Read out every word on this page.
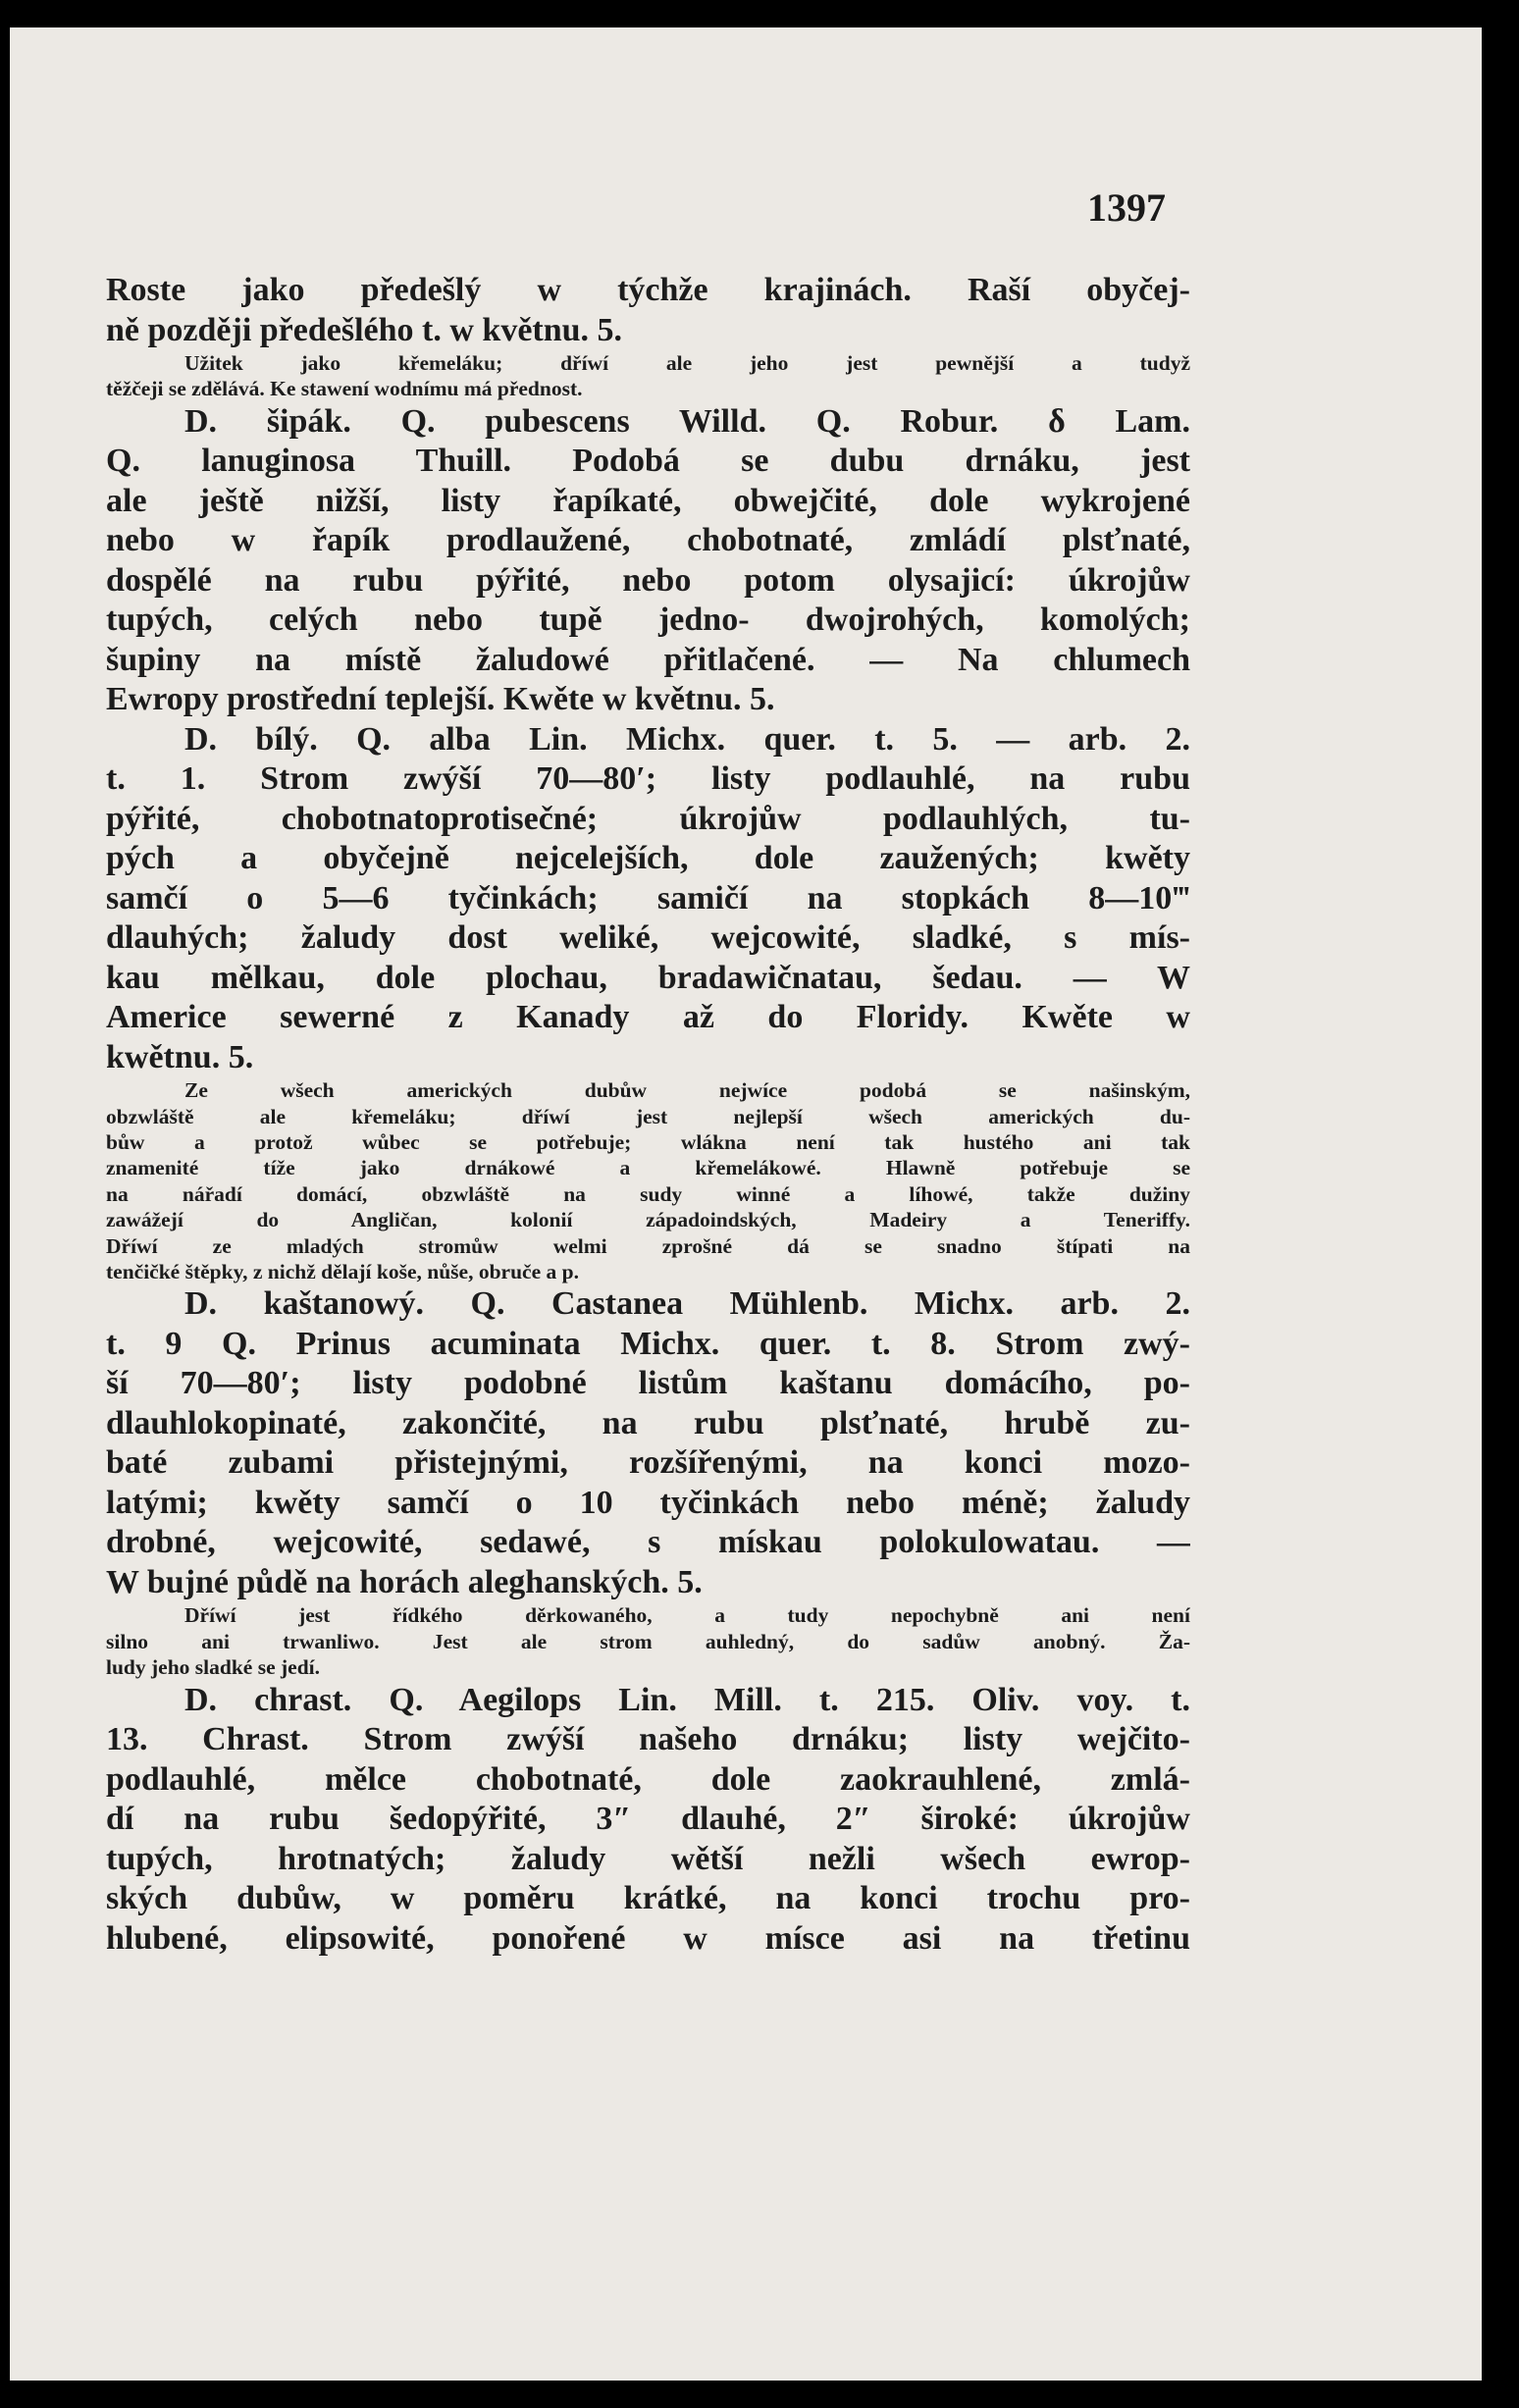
1397
Roste jako předešlý w týchže krajinách. Raší obyčej-
ně později předešlého t. w květnu. 5.
Užitek jako křemeláku; dříwí ale jeho jest pewnější a tudyž
těžčeji se zdělává. Ke stawení wodnímu má přednost.
D. šipák. Q. pubescens Willd. Q. Robur. δ Lam.
Q. lanuginosa Thuill. Podobá se dubu drnáku, jest
ale ještě nižší, listy řapíkaté, obwejčité, dole wykrojené
nebo w řapík prodlaužené, chobotnaté, zmládí plsťnaté,
dospělé na rubu pýřité, nebo potom olysajicí: úkrojůw
tupých, celých nebo tupě jedno- dwojrohých, komolých;
šupiny na místě žaludowé přitlačené. — Na chlumech
Ewropy prostřední teplejší. Kwěte w květnu. 5.
D. bílý. Q. alba Lin. Michx. quer. t. 5. — arb. 2.
t. 1. Strom zwýší 70—80′; listy podlauhlé, na rubu
pýřité, chobotnatoprotisečné; úkrojůw podlauhlých, tu-
pých a obyčejně nejcelejších, dole zaužených; kwěty
samčí o 5—6 tyčinkách; samičí na stopkách 8—10‴
dlauhých; žaludy dost weliké, wejcowité, sladké, s mís-
kau mělkau, dole plochau, bradawičnatau, šedau. — W
Americe sewerné z Kanady až do Floridy. Kwěte w
kwětnu. 5.
Ze wšech amerických dubůw nejwíce podobá se našinským,
obzwláště ale křemeláku; dříwí jest nejlepší wšech amerických du-
bůw a protož wůbec se potřebuje; wlákna není tak hustého ani tak
znamenité tíže jako drnákowé a křemelákowé. Hlawně potřebuje se
na nářadí domácí, obzwláště na sudy winné a líhowé, takže dužiny
zawážejí do Angličan, kolonií západoindských, Madeiry a Teneriffy.
Dříwí ze mladých stromůw welmi zprošné dá se snadno štípati na
tenčičké štěpky, z nichž dělají koše, nůše, obruče a p.
D. kaštanowý. Q. Castanea Mühlenb. Michx. arb. 2.
t. 9 Q. Prinus acuminata Michx. quer. t. 8. Strom zwý-
ší 70—80′; listy podobné listům kaštanu domácího, po-
dlauhlokopinaté, zakončité, na rubu plsťnaté, hrubě zu-
baté zubami přistejnými, rozšířenými, na konci mozo-
latými; kwěty samčí o 10 tyčinkách nebo méně; žaludy
drobné, wejcowité, sedawé, s mískau polokulowatau. —
W bujné půdě na horách aleghanských. 5.
Dříwí jest řídkého děrkowaného, a tudy nepochybně ani není
silno ani trwanliwo. Jest ale strom auhledný, do sadůw anobný. Ža-
ludy jeho sladké se jedí.
D. chrast. Q. Aegilops Lin. Mill. t. 215. Oliv. voy. t.
13. Chrast. Strom zwýší našeho drnáku; listy wejčito-
podlauhlé, mělce chobotnaté, dole zaokrauhlené, zmlá-
dí na rubu šedopýřité, 3″ dlauhé, 2″ široké: úkrojůw
tupých, hrotnatých; žaludy wětší nežli wšech ewrop-
ských dubůw, w poměru krátké, na konci trochu pro-
hlubené, elipsowité, ponořené w mísce asi na třetinu
